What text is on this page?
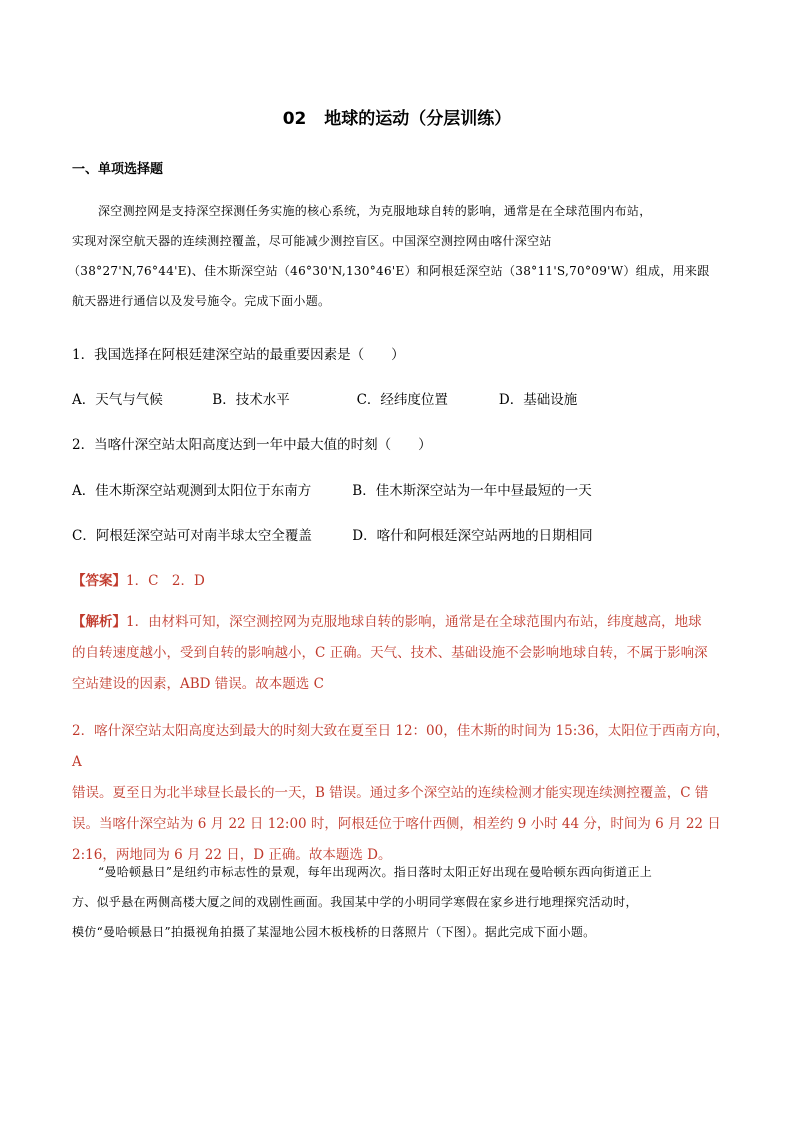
02 地球的运动（分层训练）
一、单项选择题
深空测控网是支持深空探测任务实施的核心系统，为克服地球自转的影响，通常是在全球范围内布站，
实现对深空航天器的连续测控覆盖，尽可能减少测控盲区。中国深空测控网由喀什深空站
（38°27'N,76°44'E)、佳木斯深空站（46°30'N,130°46'E）和阿根廷深空站（38°11'S,70°09'W）组成，用来跟
航天器进行通信以及发号施令。完成下面小题。
1．我国选择在阿根廷建深空站的最重要因素是（　　）
A．天气与气候	B．技术水平	C．经纬度位置	D．基础设施
2．当喀什深空站太阳高度达到一年中最大值的时刻（　　）
A．佳木斯深空站观测到太阳位于东南方	B．佳木斯深空站为一年中昼最短的一天
C．阿根廷深空站可对南半球太空全覆盖	D．喀什和阿根廷深空站两地的日期相同
【答案】1．C　2．D
【解析】1．由材料可知，深空测控网为克服地球自转的影响，通常是在全球范围内布站，纬度越高，地球
的自转速度越小，受到自转的影响越小，C 正确。天气、技术、基础设施不会影响地球自转，不属于影响深
空站建设的因素，ABD 错误。故本题选 C
2．喀什深空站太阳高度达到最大的时刻大致在夏至日 12：00，佳木斯的时间为 15:36，太阳位于西南方向，A
错误。夏至日为北半球昼长最长的一天，B 错误。通过多个深空站的连续检测才能实现连续测控覆盖，C 错
误。当喀什深空站为 6 月 22 日 12:00 时，阿根廷位于喀什西侧，相差约 9 小时 44 分，时间为 6 月 22 日
2:16，两地同为 6 月 22 日，D 正确。故本题选 D。
“曼哈顿悬日”是纽约市标志性的景观，每年出现两次。指日落时太阳正好出现在曼哈顿东西向街道正上
方、似乎悬在两侧高楼大厦之间的戏剧性画面。我国某中学的小明同学寒假在家乡进行地理探究活动时，
模仿“曼哈顿悬日”拍摄视角拍摄了某湿地公园木板栈桥的日落照片（下图）。据此完成下面小题。
